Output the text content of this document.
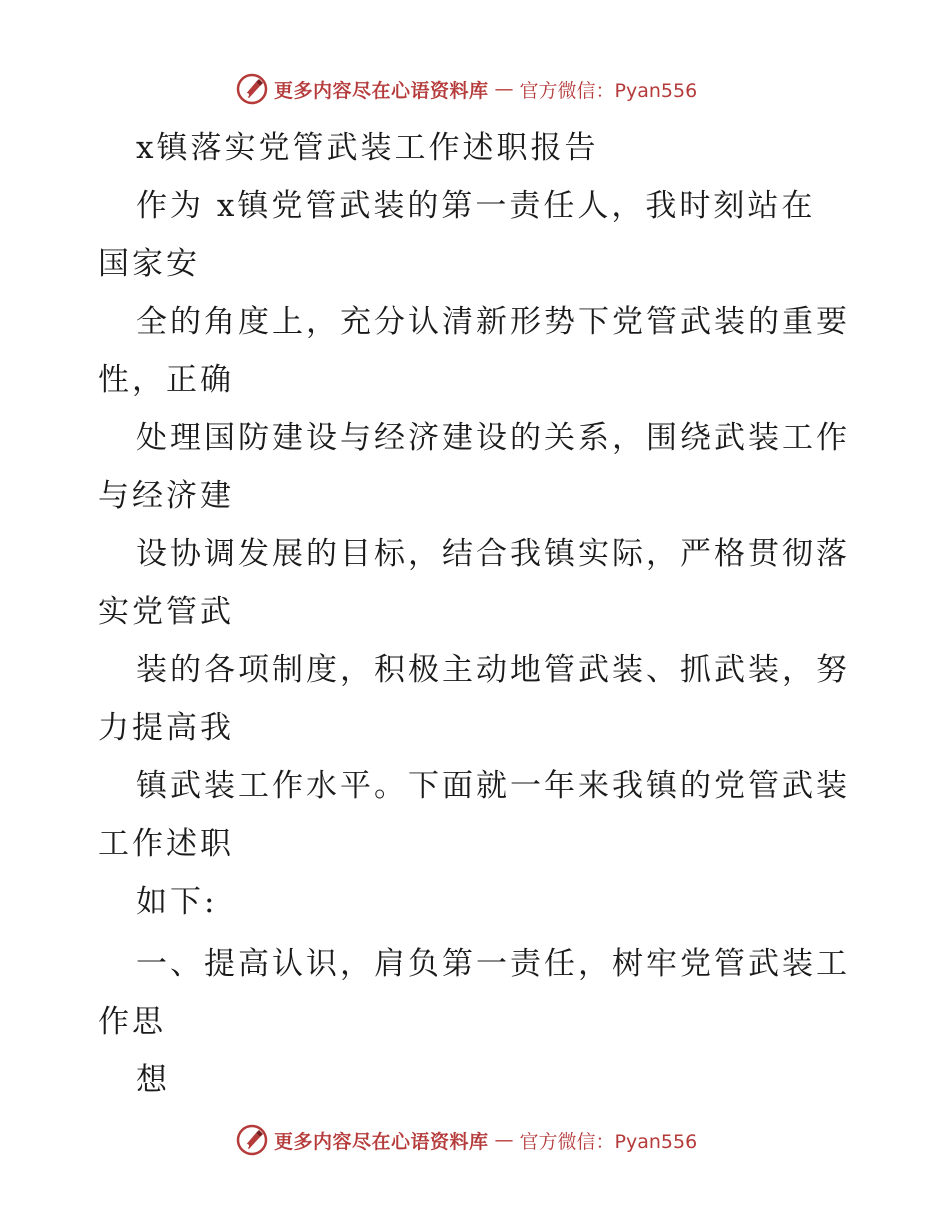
更多内容尽在心语资料库 — 官方微信：Pyan556
x镇落实党管武装工作述职报告
作为 x镇党管武装的第一责任人，我时刻站在
国家安
全的角度上，充分认清新形势下党管武装的重要
性，正确
处理国防建设与经济建设的关系，围绕武装工作
与经济建
设协调发展的目标，结合我镇实际，严格贯彻落
实党管武
装的各项制度，积极主动地管武装、抓武装，努
力提高我
镇武装工作水平。下面就一年来我镇的党管武装
工作述职
如下:
一、提高认识，肩负第一责任，树牢党管武装工
作思
想
更多内容尽在心语资料库 — 官方微信：Pyan556
